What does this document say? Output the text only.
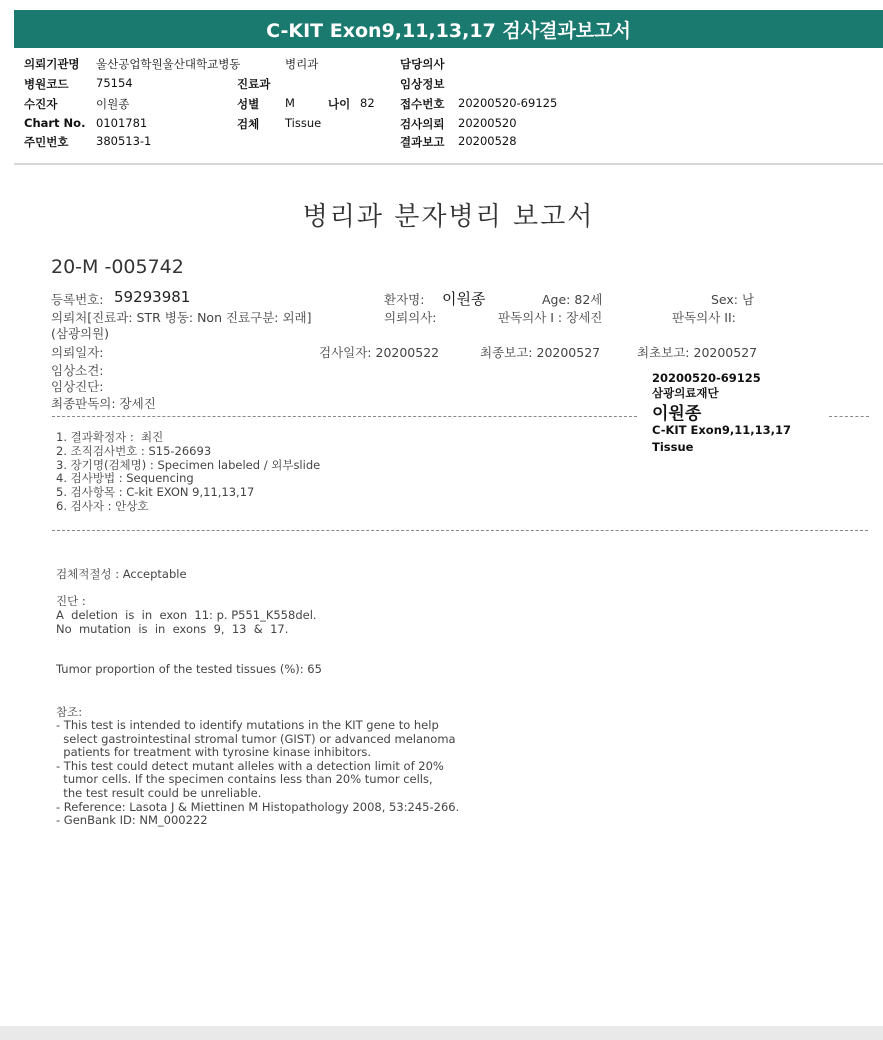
C-KIT Exon9,11,13,17 검사결과보고서
의뢰기관명 울산공업학원울산대학교병동	병리과	담당의사
병원코드 75154	진료과	임상정보
수진자	이원종	성별 M	나이 82 접수번호 20200520-69125
Chart No. 0101781	검체 Tissue	검사의뢰 20200520
주민번호 380513-1	결과보고 20200528
병리과 분자병리 보고서
20-M -005742
등록번호: 59293981	환자명: 이원종	Age: 82세	Sex: 남
의뢰처[진료과: STR 병동: Non 진료구분: 외래]	의뢰의사:	판독의사 I : 장세진	판독의사 II:
(삼광의원)
의뢰일자:	검사일자: 20200522	최종보고: 20200527	최초보고: 20200527
임상소견:
임상진단:
최종판독의: 장세진
20200520-69125
삼광의료재단
이원종
C-KIT Exon9,11,13,17
Tissue
1. 결과확정자 :  최진
2. 조직검사번호 : S15-26693
3. 장기명(검체명) : Specimen labeled / 외부slide
4. 검사방법 : Sequencing
5. 검사항목 : C-kit EXON 9,11,13,17
6. 검사자 : 안상호
검체적절성 : Acceptable
진단 :
A  deletion  is  in  exon  11: p. P551_K558del.
No  mutation  is  in  exons  9,  13  &  17.
Tumor proportion of the tested tissues (%): 65
참조:
- This test is intended to identify mutations in the KIT gene to help
select gastrointestinal stromal tumor (GIST) or advanced melanoma
patients for treatment with tyrosine kinase inhibitors.
- This test could detect mutant alleles with a detection limit of 20%
tumor cells. If the specimen contains less than 20% tumor cells,
the test result could be unreliable.
- Reference: Lasota J & Miettinen M Histopathology 2008, 53:245-266.
- GenBank ID: NM_000222
